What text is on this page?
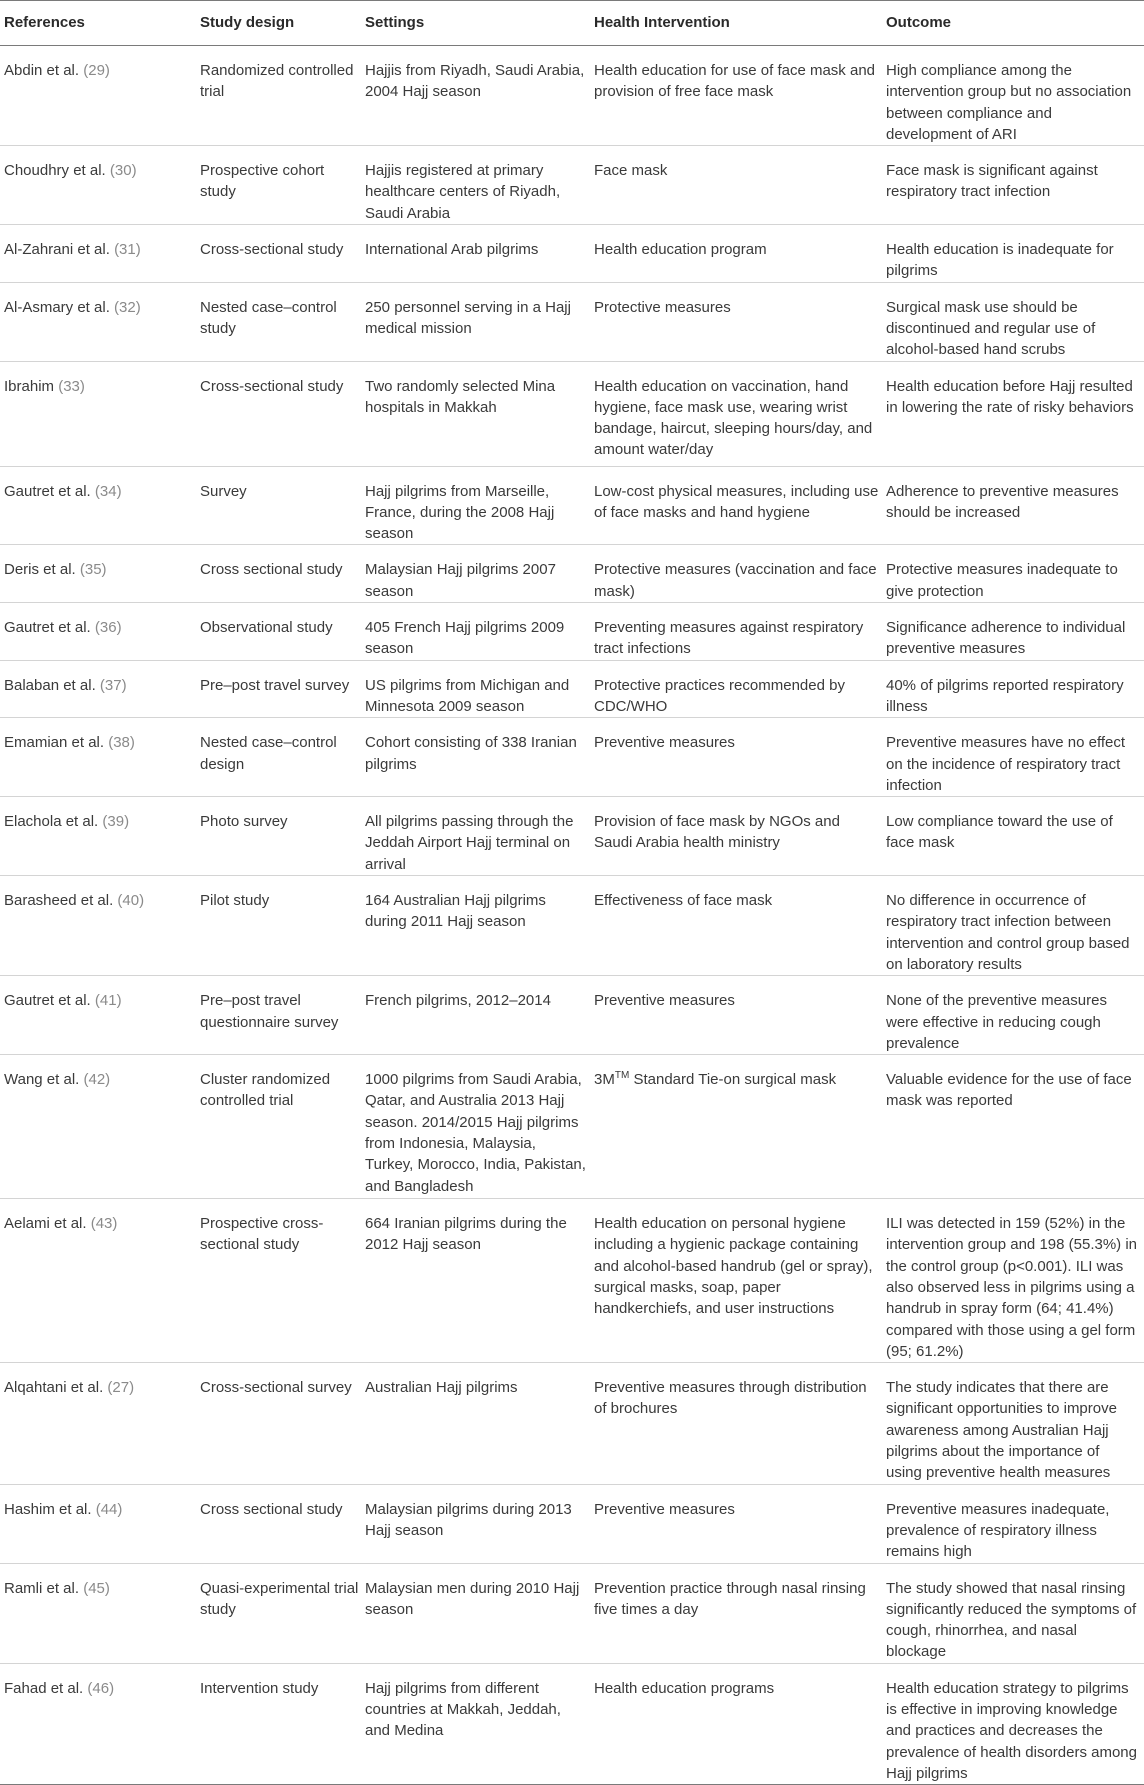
References	Study design	Settings	Health Intervention	Outcome

Abdin et al. (29)	Randomized controlled trial	Hajjis from Riyadh, Saudi Arabia, 2004 Hajj season	Health education for use of face mask and provision of free face mask	High compliance among the intervention group but no association between compliance and development of ARI

Choudhry et al. (30)	Prospective cohort study	Hajjis registered at primary healthcare centers of Riyadh, Saudi Arabia	Face mask	Face mask is significant against respiratory tract infection

Al-Zahrani et al. (31)	Cross-sectional study	International Arab pilgrims	Health education program	Health education is inadequate for pilgrims

Al-Asmary et al. (32)	Nested case–control study	250 personnel serving in a Hajj medical mission	Protective measures	Surgical mask use should be discontinued and regular use of alcohol-based hand scrubs

Ibrahim (33)	Cross-sectional study	Two randomly selected Mina hospitals in Makkah	Health education on vaccination, hand hygiene, face mask use, wearing wrist bandage, haircut, sleeping hours/day, and amount water/day	Health education before Hajj resulted in lowering the rate of risky behaviors

Gautret et al. (34)	Survey	Hajj pilgrims from Marseille, France, during the 2008 Hajj season	Low-cost physical measures, including use of face masks and hand hygiene	Adherence to preventive measures should be increased

Deris et al. (35)	Cross sectional study	Malaysian Hajj pilgrims 2007 season	Protective measures (vaccination and face mask)	Protective measures inadequate to give protection

Gautret et al. (36)	Observational study	405 French Hajj pilgrims 2009 season	Preventing measures against respiratory tract infections	Significance adherence to individual preventive measures

Balaban et al. (37)	Pre–post travel survey	US pilgrims from Michigan and Minnesota 2009 season	Protective practices recommended by CDC/WHO	40% of pilgrims reported respiratory illness

Emamian et al. (38)	Nested case–control design	Cohort consisting of 338 Iranian pilgrims	Preventive measures	Preventive measures have no effect on the incidence of respiratory tract infection

Elachola et al. (39)	Photo survey	All pilgrims passing through the Jeddah Airport Hajj terminal on arrival	Provision of face mask by NGOs and Saudi Arabia health ministry	Low compliance toward the use of face mask

Barasheed et al. (40)	Pilot study	164 Australian Hajj pilgrims during 2011 Hajj season	Effectiveness of face mask	No difference in occurrence of respiratory tract infection between intervention and control group based on laboratory results

Gautret et al. (41)	Pre–post travel questionnaire survey	French pilgrims, 2012–2014	Preventive measures	None of the preventive measures were effective in reducing cough prevalence

Wang et al. (42)	Cluster randomized controlled trial	1000 pilgrims from Saudi Arabia, Qatar, and Australia 2013 Hajj season. 2014/2015 Hajj pilgrims from Indonesia, Malaysia, Turkey, Morocco, India, Pakistan, and Bangladesh	3M™ Standard Tie-on surgical mask	Valuable evidence for the use of face mask was reported

Aelami et al. (43)	Prospective cross-sectional study	664 Iranian pilgrims during the 2012 Hajj season	Health education on personal hygiene including a hygienic package containing and alcohol-based handrub (gel or spray), surgical masks, soap, paper handkerchiefs, and user instructions	ILI was detected in 159 (52%) in the intervention group and 198 (55.3%) in the control group (p<0.001). ILI was also observed less in pilgrims using a handrub in spray form (64; 41.4%) compared with those using a gel form (95; 61.2%)

Alqahtani et al. (27)	Cross-sectional survey	Australian Hajj pilgrims	Preventive measures through distribution of brochures	The study indicates that there are significant opportunities to improve awareness among Australian Hajj pilgrims about the importance of using preventive health measures

Hashim et al. (44)	Cross sectional study	Malaysian pilgrims during 2013 Hajj season	Preventive measures	Preventive measures inadequate, prevalence of respiratory illness remains high

Ramli et al. (45)	Quasi-experimental trial study	Malaysian men during 2010 Hajj season	Prevention practice through nasal rinsing five times a day	The study showed that nasal rinsing significantly reduced the symptoms of cough, rhinorrhea, and nasal blockage

Fahad et al. (46)	Intervention study	Hajj pilgrims from different countries at Makkah, Jeddah, and Medina	Health education programs	Health education strategy to pilgrims is effective in improving knowledge and practices and decreases the prevalence of health disorders among Hajj pilgrims
